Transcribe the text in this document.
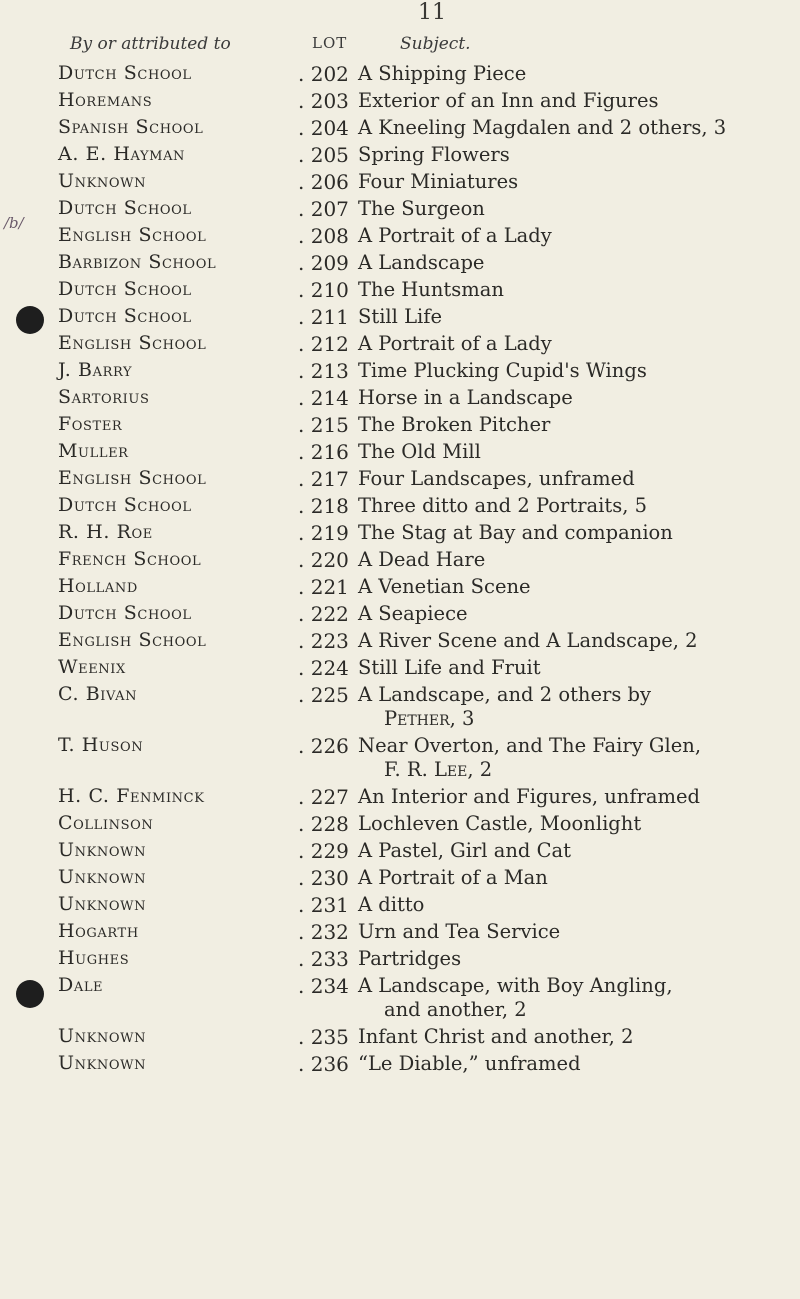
11
By or attributed to	LOT	Subject.
/b/
Dutch School	. 202 A Shipping Piece
Horemans	. 203 Exterior of an Inn and Figures
Spanish School	. 204 A Kneeling Magdalen and 2 others, 3
A. E. Hayman	. 205 Spring Flowers
Unknown	. 206 Four Miniatures
Dutch School	. 207 The Surgeon
English School	. 208 A Portrait of a Lady
Barbizon School	. 209 A Landscape
Dutch School	. 210 The Huntsman
Dutch School	. 211 Still Life
English School	. 212 A Portrait of a Lady
J. Barry	. 213 Time Plucking Cupid's Wings
Sartorius	. 214 Horse in a Landscape
Foster	. 215 The Broken Pitcher
Muller	. 216 The Old Mill
English School	. 217 Four Landscapes, unframed
Dutch School	. 218 Three ditto and 2 Portraits, 5
R. H. Roe	. 219 The Stag at Bay and companion
French School	. 220 A Dead Hare
Holland	. 221 A Venetian Scene
Dutch School	. 222 A Seapiece
English School	. 223 A River Scene and A Landscape, 2
Weenix	. 224 Still Life and Fruit
C. Bivan	. 225 A Landscape, and 2 others by
Pether, 3
T. Huson	. 226 Near Overton, and The Fairy Glen,
F. R. Lee, 2
H. C. Fenminck	. 227 An Interior and Figures, unframed
Collinson	. 228 Lochleven Castle, Moonlight
Unknown	. 229 A Pastel, Girl and Cat
Unknown	. 230 A Portrait of a Man
Unknown	. 231 A ditto
Hogarth	. 232 Urn and Tea Service
Hughes	. 233 Partridges
Dale	. 234 A Landscape, with Boy Angling,
and another, 2
Unknown	. 235 Infant Christ and another, 2
Unknown	. 236 “Le Diable,” unframed
